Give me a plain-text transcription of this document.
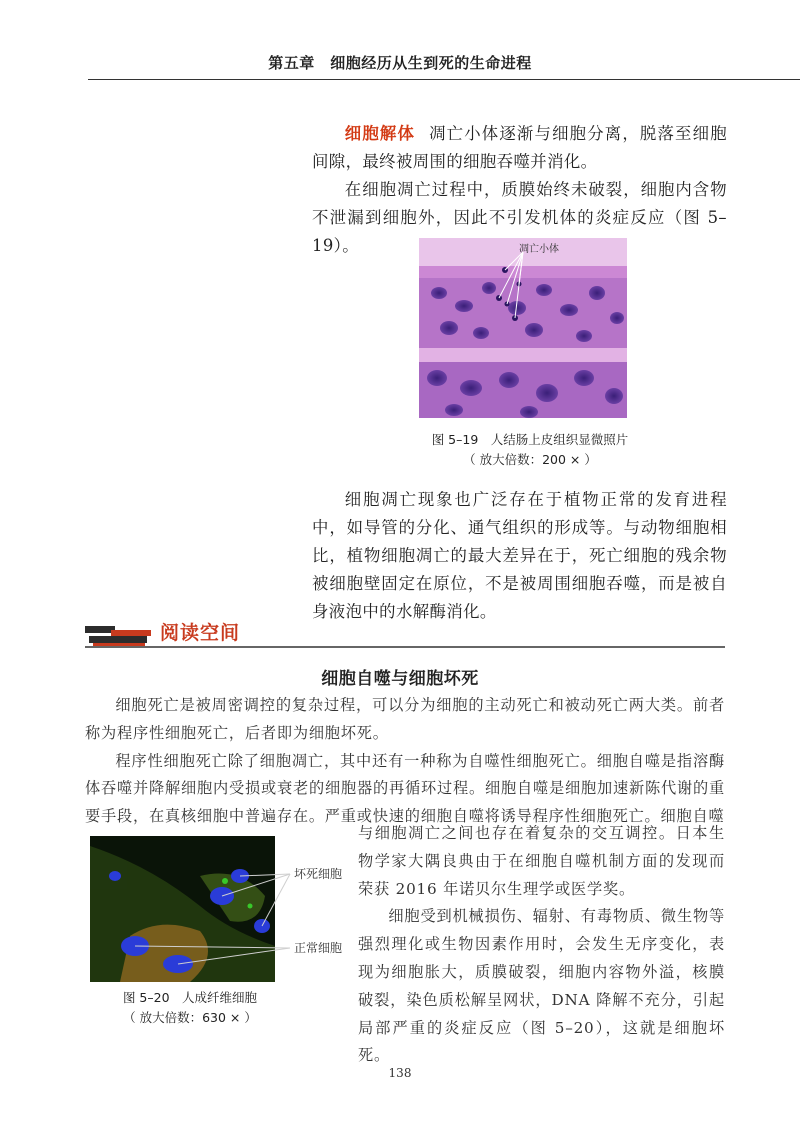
第五章　细胞经历从生到死的生命进程

细胞解体 凋亡小体逐渐与细胞分离，脱落至细胞间隙，最终被周围的细胞吞噬并消化。

在细胞凋亡过程中，质膜始终未破裂，细胞内含物不泄漏到细胞外，因此不引发机体的炎症反应（图 5–19）。	凋亡小体
图 5–19　人结肠上皮组织显微照片
（ 放大倍数：200 × ）

细胞凋亡现象也广泛存在于植物正常的发育进程中，如导管的分化、通气组织的形成等。与动物细胞相比，植物细胞凋亡的最大差异在于，死亡细胞的残余物被细胞壁固定在原位，不是被周围细胞吞噬，而是被自身液泡中的水解酶消化。

阅读空间
细胞自噬与细胞坏死

细胞死亡是被周密调控的复杂过程，可以分为细胞的主动死亡和被动死亡两大类。前者称为程序性细胞死亡，后者即为细胞坏死。

程序性细胞死亡除了细胞凋亡，其中还有一种称为自噬性细胞死亡。细胞自噬是指溶酶体吞噬并降解细胞内受损或衰老的细胞器的再循环过程。细胞自噬是细胞加速新陈代谢的重要手段，在真核细胞中普遍存在。严重或快速的细胞自噬将诱导程序性细胞死亡。细胞自噬

坏死细胞
正常细胞
图 5–20　人成纤维细胞
（ 放大倍数：630 × ）

与细胞凋亡之间也存在着复杂的交互调控。日本生物学家大隅良典由于在细胞自噬机制方面的发现而荣获 2016 年诺贝尔生理学或医学奖。

细胞受到机械损伤、辐射、有毒物质、微生物等强烈理化或生物因素作用时，会发生无序变化，表现为细胞胀大，质膜破裂，细胞内容物外溢，核膜破裂，染色质松解呈网状，DNA 降解不充分，引起局部严重的炎症反应（图 5–20），这就是细胞坏死。

138
